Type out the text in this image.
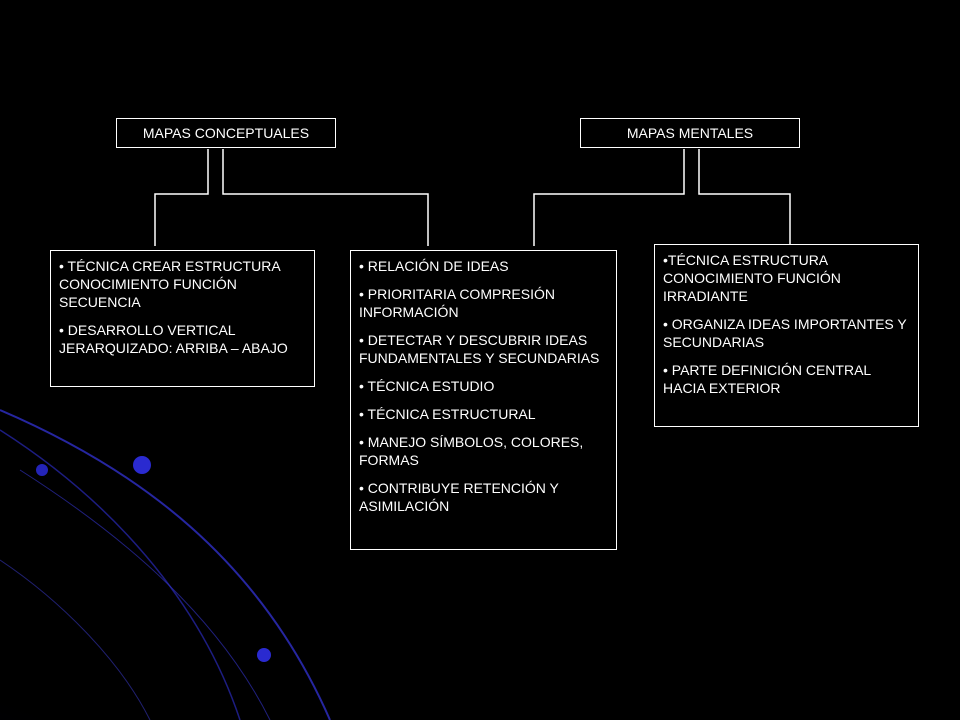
MAPAS CONCEPTUALES	MAPAS MENTALES

• TÉCNICA CREAR ESTRUCTURA CONOCIMIENTO FUNCIÓN SECUENCIA

• DESARROLLO VERTICAL JERARQUIZADO: ARRIBA – ABAJO

• RELACIÓN DE IDEAS

• PRIORITARIA COMPRESIÓN INFORMACIÓN

• DETECTAR Y DESCUBRIR IDEAS FUNDAMENTALES Y SECUNDARIAS

• TÉCNICA ESTUDIO

• TÉCNICA ESTRUCTURAL

• MANEJO SÍMBOLOS, COLORES, FORMAS

• CONTRIBUYE RETENCIÓN Y ASIMILACIÓN

•TÉCNICA ESTRUCTURA CONOCIMIENTO FUNCIÓN IRRADIANTE

• ORGANIZA IDEAS IMPORTANTES Y SECUNDARIAS

• PARTE DEFINICIÓN CENTRAL HACIA EXTERIOR
